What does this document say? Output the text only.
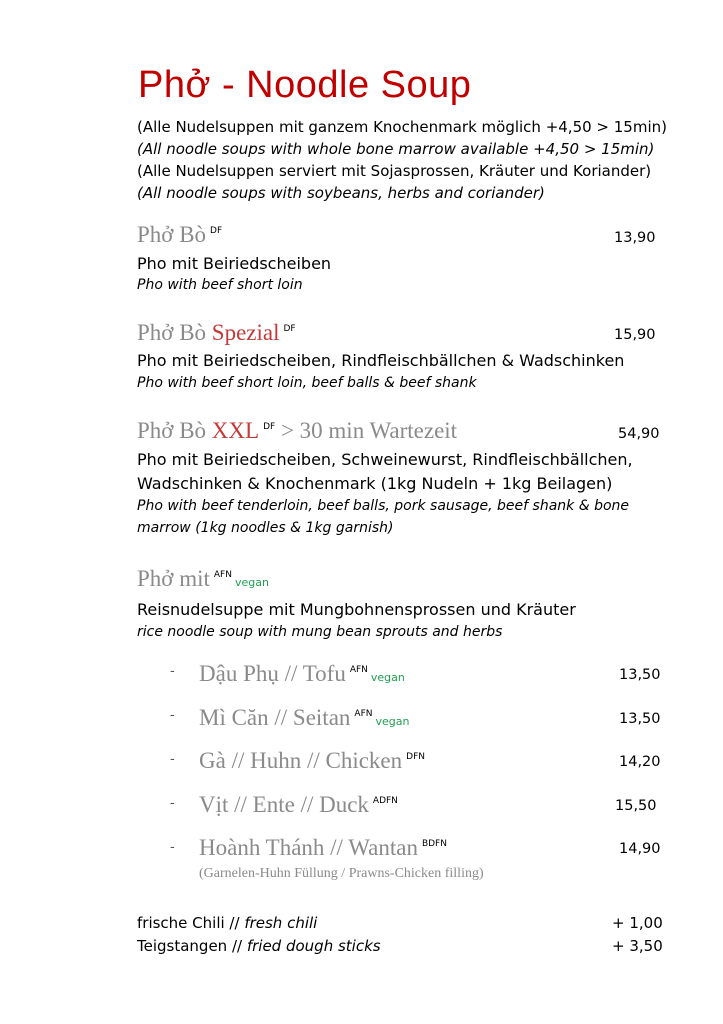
Phở - Noodle Soup
(Alle Nudelsuppen mit ganzem Knochenmark möglich +4,50 > 15min)
(All noodle soups with whole bone marrow available +4,50 > 15min)
(Alle Nudelsuppen serviert mit Sojasprossen, Kräuter und Koriander)
(All noodle soups with soybeans, herbs and coriander)
Phở Bò $^{DF}$	13,90
Pho mit Beiriedscheiben
Pho with beef short loin
Phở Bò Spezial $^{DF}$	15,90
Pho mit Beiriedscheiben, Rindfleischbällchen & Wadschinken
Pho with beef short loin, beef balls & beef shank
Phở Bò XXL $^{DF}$ > 30 min Wartezeit	54,90
Pho mit Beiriedscheiben, Schweinewurst, Rindfleischbällchen,
Wadschinken & Knochenmark (1kg Nudeln + 1kg Beilagen)
Pho with beef tenderloin, beef balls, pork sausage, beef shank & bone
marrow (1kg noodles & 1kg garnish)
Phở mit $^{AFN}$vegan
Reisnudelsuppe mit Mungbohnensprossen und Kräuter
rice noodle soup with mung bean sprouts and herbs
- Dậu Phụ // Tofu $^{AFN}$vegan	13,50
- Mì Căn // Seitan $^{AFN}$vegan	13,50
- Gà // Huhn // Chicken $^{DFN}$	14,20
- Vịt // Ente // Duck $^{ADFN}$	15,50
- Hoành Thánh // Wantan $^{BDFN}$	14,90
(Garnelen-Huhn Füllung / Prawns-Chicken filling)
frische Chili // fresh chili	+ 1,00
Teigstangen // fried dough sticks	+ 3,50
